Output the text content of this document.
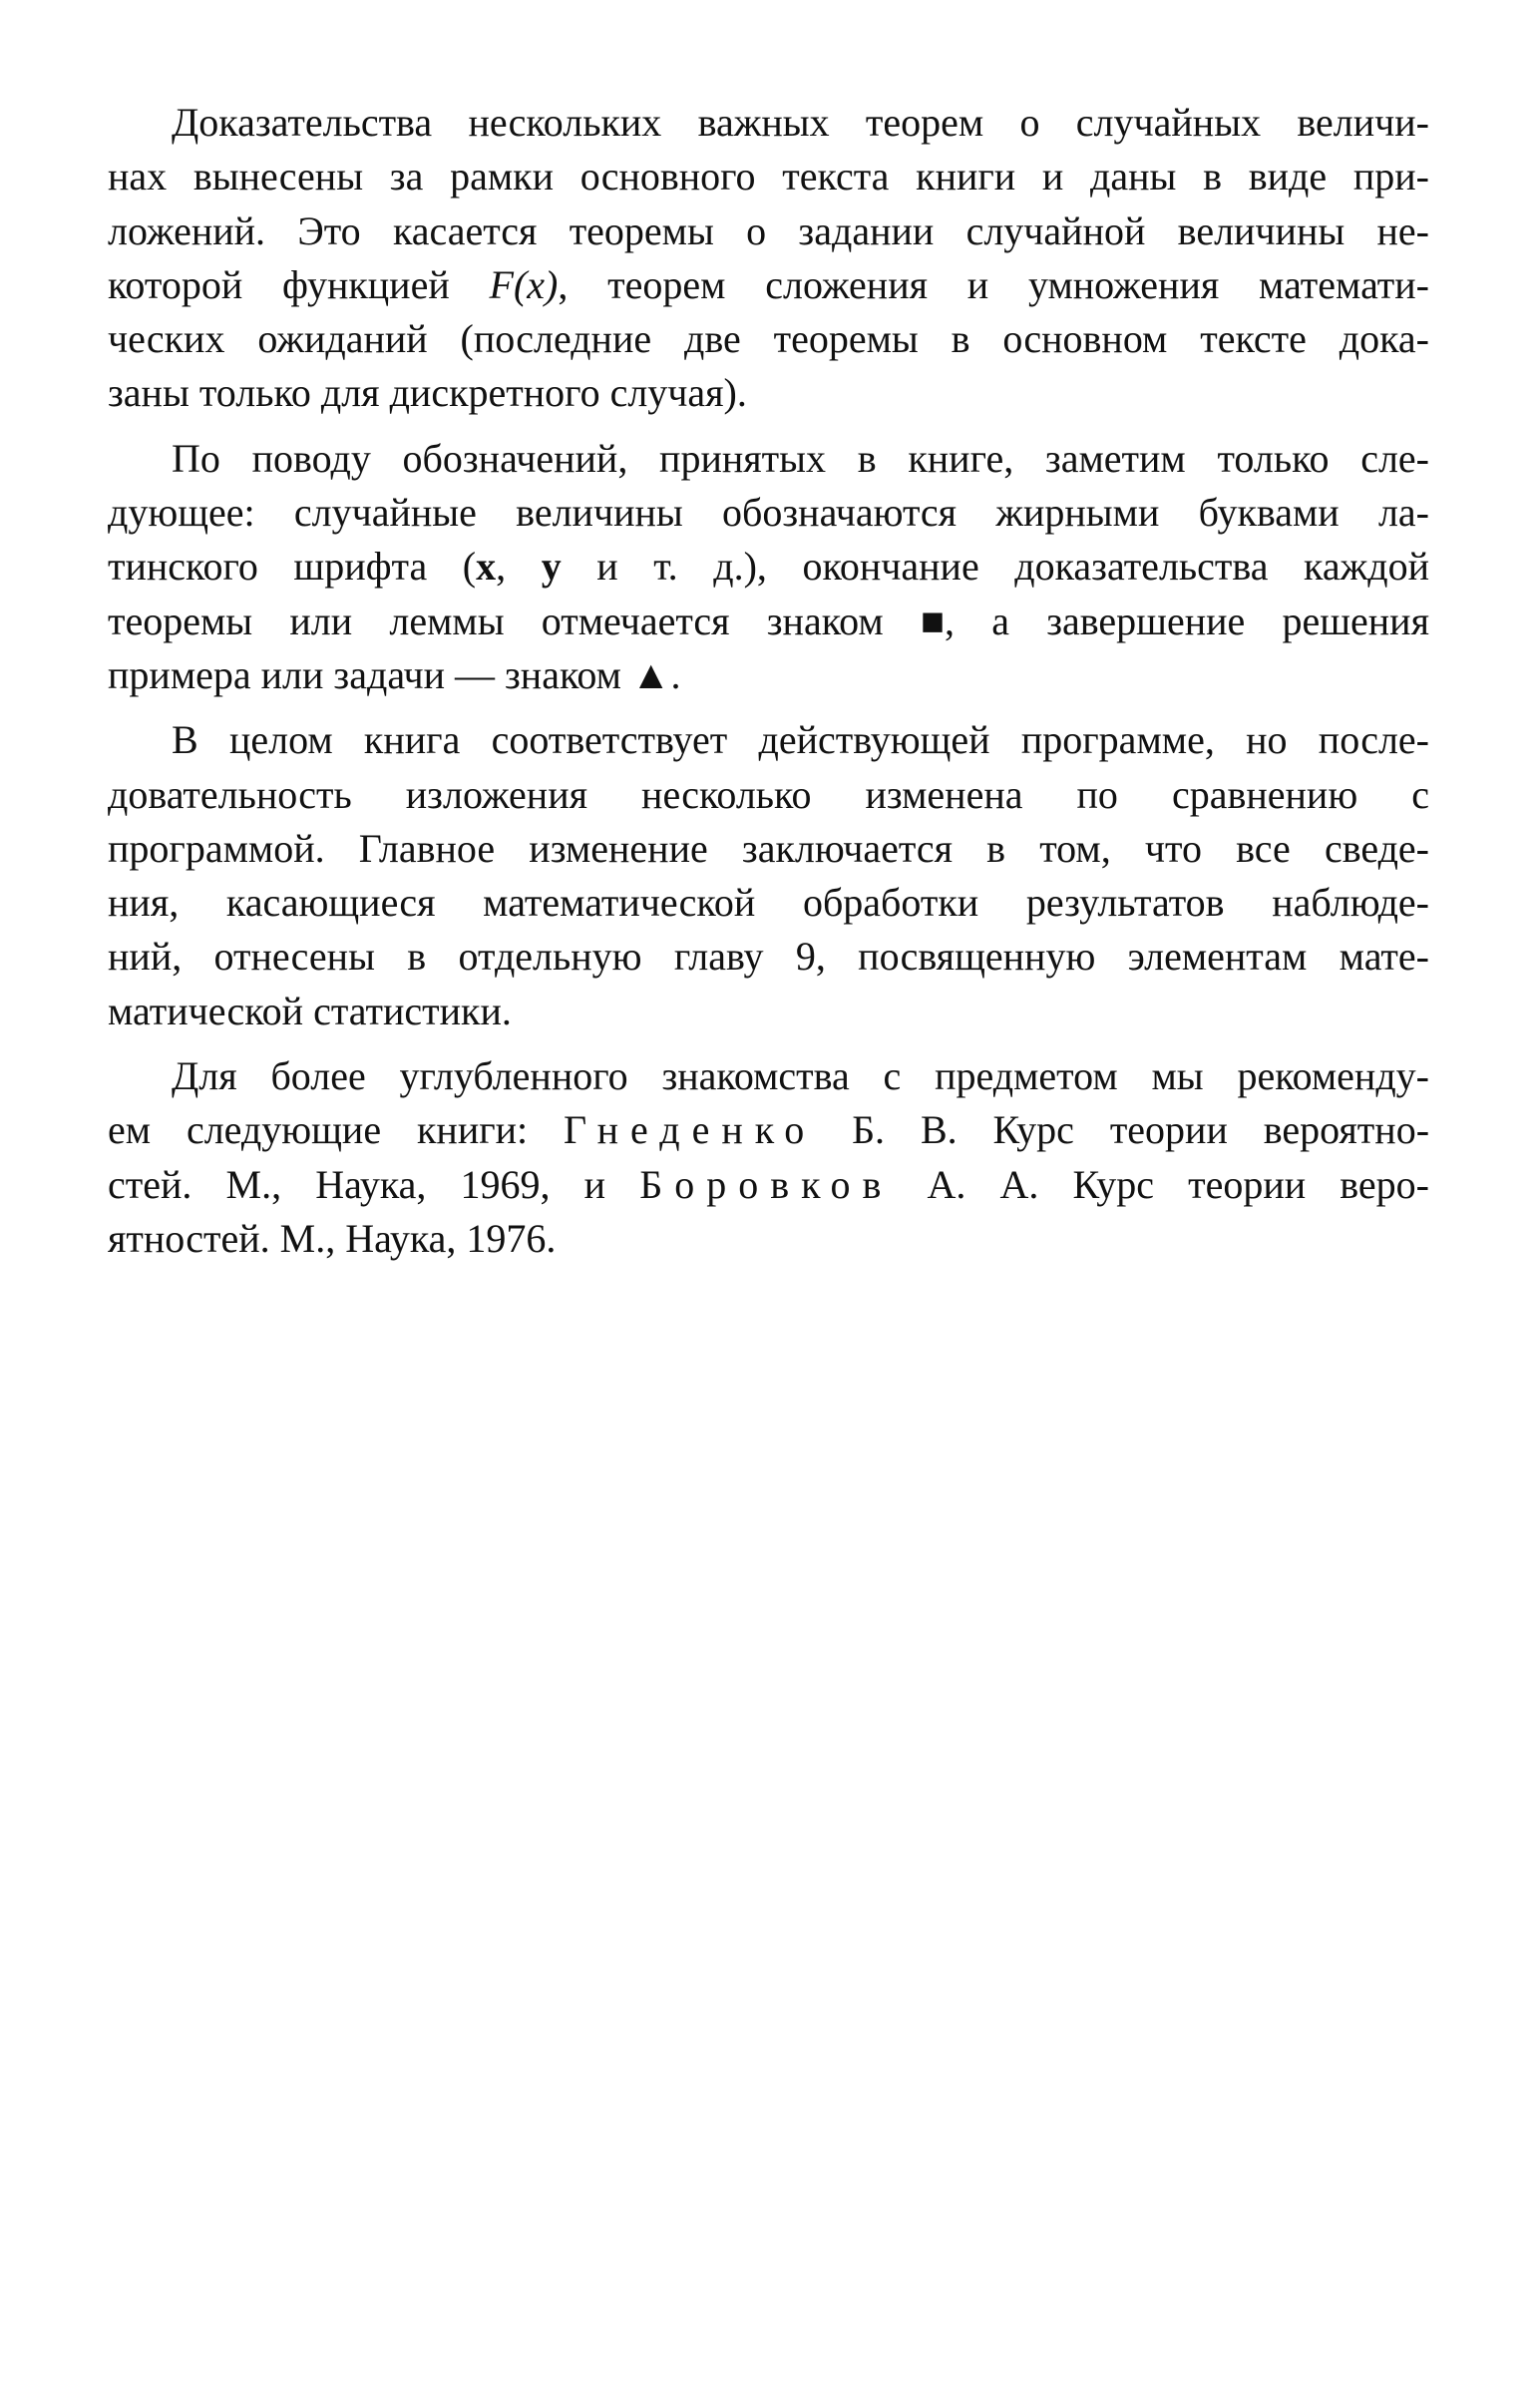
Доказательства нескольких важных теорем о случайных величи-
нах вынесены за рамки основного текста книги и даны в виде при-
ложений. Это касается теоремы о задании случайной величины не-
которой функцией F(x), теорем сложения и умножения математи-
ческих ожиданий (последние две теоремы в основном тексте дока-
заны только для дискретного случая).
По поводу обозначений, принятых в книге, заметим только сле-
дующее: случайные величины обозначаются жирными буквами ла-
тинского шрифта (x, y и т. д.), окончание доказательства каждой
теоремы или леммы отмечается знаком ■, а завершение решения
примера или задачи — знаком ▲.
В целом книга соответствует действующей программе, но после-
довательность изложения несколько изменена по сравнению с
программой. Главное изменение заключается в том, что все сведе-
ния, касающиеся математической обработки результатов наблюде-
ний, отнесены в отдельную главу 9, посвященную элементам мате-
матической статистики.
Для более углубленного знакомства с предметом мы рекоменду-
ем следующие книги: Гнеденко Б. В. Курс теории вероятно-
стей. М., Наука, 1969, и Боровков А. А. Курс теории веро-
ятностей. М., Наука, 1976.
